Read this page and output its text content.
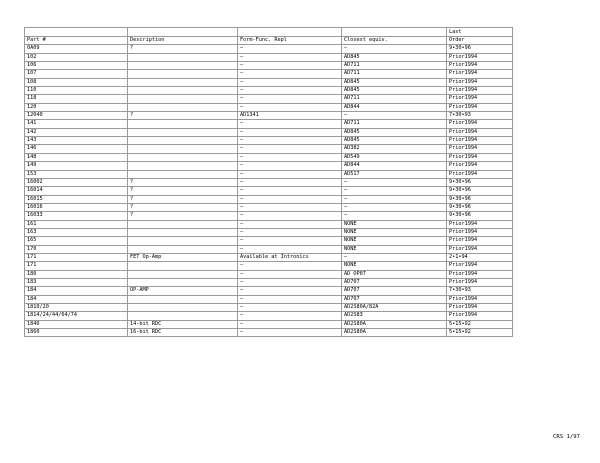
				Last
Part #	Description	Form-Func. Repl	Closest equiv.	Order
0A09	?	–	–	9•30•96
102		–	AD845	Prior1994
106		–	AD711	Prior1994
107		–	AD711	Prior1994
108		–	AD845	Prior1994
110		–	AD845	Prior1994
118		–	AD711	Prior1994
120		–	AD844	Prior1994
12040	?	AD1341	–	7•30•93
141		–	AD711	Prior1994
142		–	AD845	Prior1994
143		–	AD845	Prior1994
146		–	AD382	Prior1994
148		–	AD549	Prior1994
149		–	AD844	Prior1994
153		–	AD517	Prior1994
16002	?	–	–	9•30•96
16014	?	–	–	9•30•96
16015	?	–	–	9•30•96
16016	?	–	–	9•30•96
16033	?	–	–	9•30•96
161		–	NONE	Prior1994
163		–	NONE	Prior1994
165		–	NONE	Prior1994
170		–	NONE	Prior1994
171	FET Op-Amp	Available at Intronics	–	2•1•94
171		–	NONE	Prior1994
180		–	AD OP07	Prior1994
183		–	AD707	Prior1994
184	OP-AMP	–	AD707	7•30•93
184		–	AD707	Prior1994
1810/20		–	AD2S80A/82A	Prior1994
1814/24/44/64/74		–	AD2S83	Prior1994
1840	14-bit RDC	–	AD2S80A	5•15•92
1860	16-bit RDC	–	AD2S80A	5•15•92
CRS 1/97
